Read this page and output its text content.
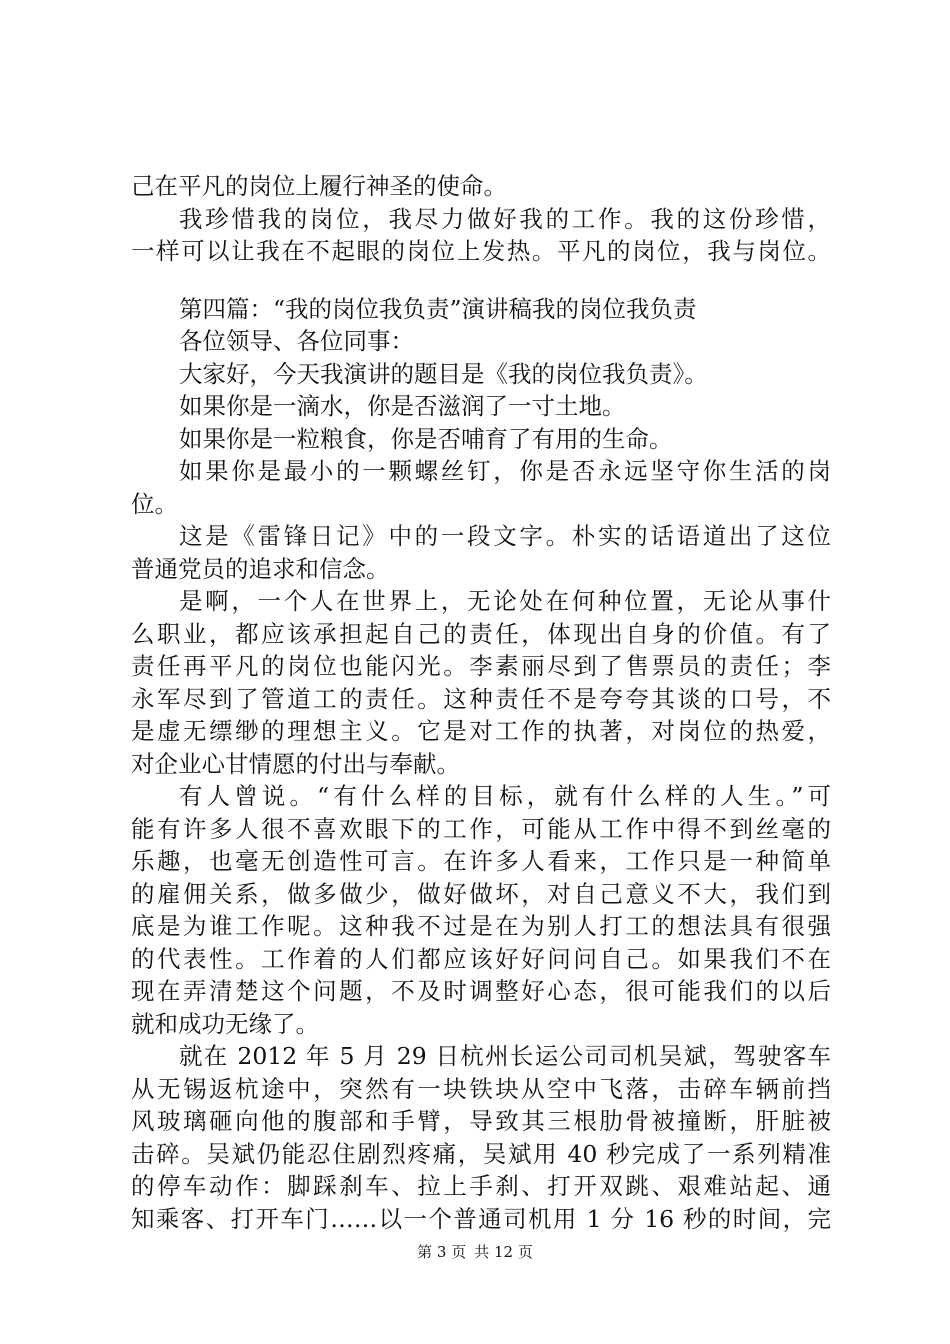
己在平凡的岗位上履行神圣的使命。
我珍惜我的岗位，我尽力做好我的工作。我的这份珍惜，
一样可以让我在不起眼的岗位上发热。平凡的岗位，我与岗位。
第四篇：“我的岗位我负责”演讲稿我的岗位我负责
各位领导、各位同事：
大家好，今天我演讲的题目是《我的岗位我负责》。
如果你是一滴水，你是否滋润了一寸土地。
如果你是一粒粮食，你是否哺育了有用的生命。
如果你是最小的一颗螺丝钉，你是否永远坚守你生活的岗
位。
这是《雷锋日记》中的一段文字。朴实的话语道出了这位
普通党员的追求和信念。
是啊，一个人在世界上，无论处在何种位置，无论从事什
么职业，都应该承担起自己的责任，体现出自身的价值。有了
责任再平凡的岗位也能闪光。李素丽尽到了售票员的责任；李
永军尽到了管道工的责任。这种责任不是夸夸其谈的口号，不
是虚无缥缈的理想主义。它是对工作的执著，对岗位的热爱，
对企业心甘情愿的付出与奉献。
有人曾说。“有什么样的目标，就有什么样的人生。”可
能有许多人很不喜欢眼下的工作，可能从工作中得不到丝毫的
乐趣，也毫无创造性可言。在许多人看来，工作只是一种简单
的雇佣关系，做多做少，做好做坏，对自己意义不大，我们到
底是为谁工作呢。这种我不过是在为别人打工的想法具有很强
的代表性。工作着的人们都应该好好问问自己。如果我们不在
现在弄清楚这个问题，不及时调整好心态，很可能我们的以后
就和成功无缘了。
就在 2012 年 5 月 29 日杭州长运公司司机吴斌，驾驶客车
从无锡返杭途中，突然有一块铁块从空中飞落，击碎车辆前挡
风玻璃砸向他的腹部和手臂，导致其三根肋骨被撞断，肝脏被
击碎。吴斌仍能忍住剧烈疼痛，吴斌用 40 秒完成了一系列精准
的停车动作：脚踩刹车、拉上手刹、打开双跳、艰难站起、通
知乘客、打开车门……以一个普通司机用 1 分 16 秒的时间，完
第 3 页 共 12 页
